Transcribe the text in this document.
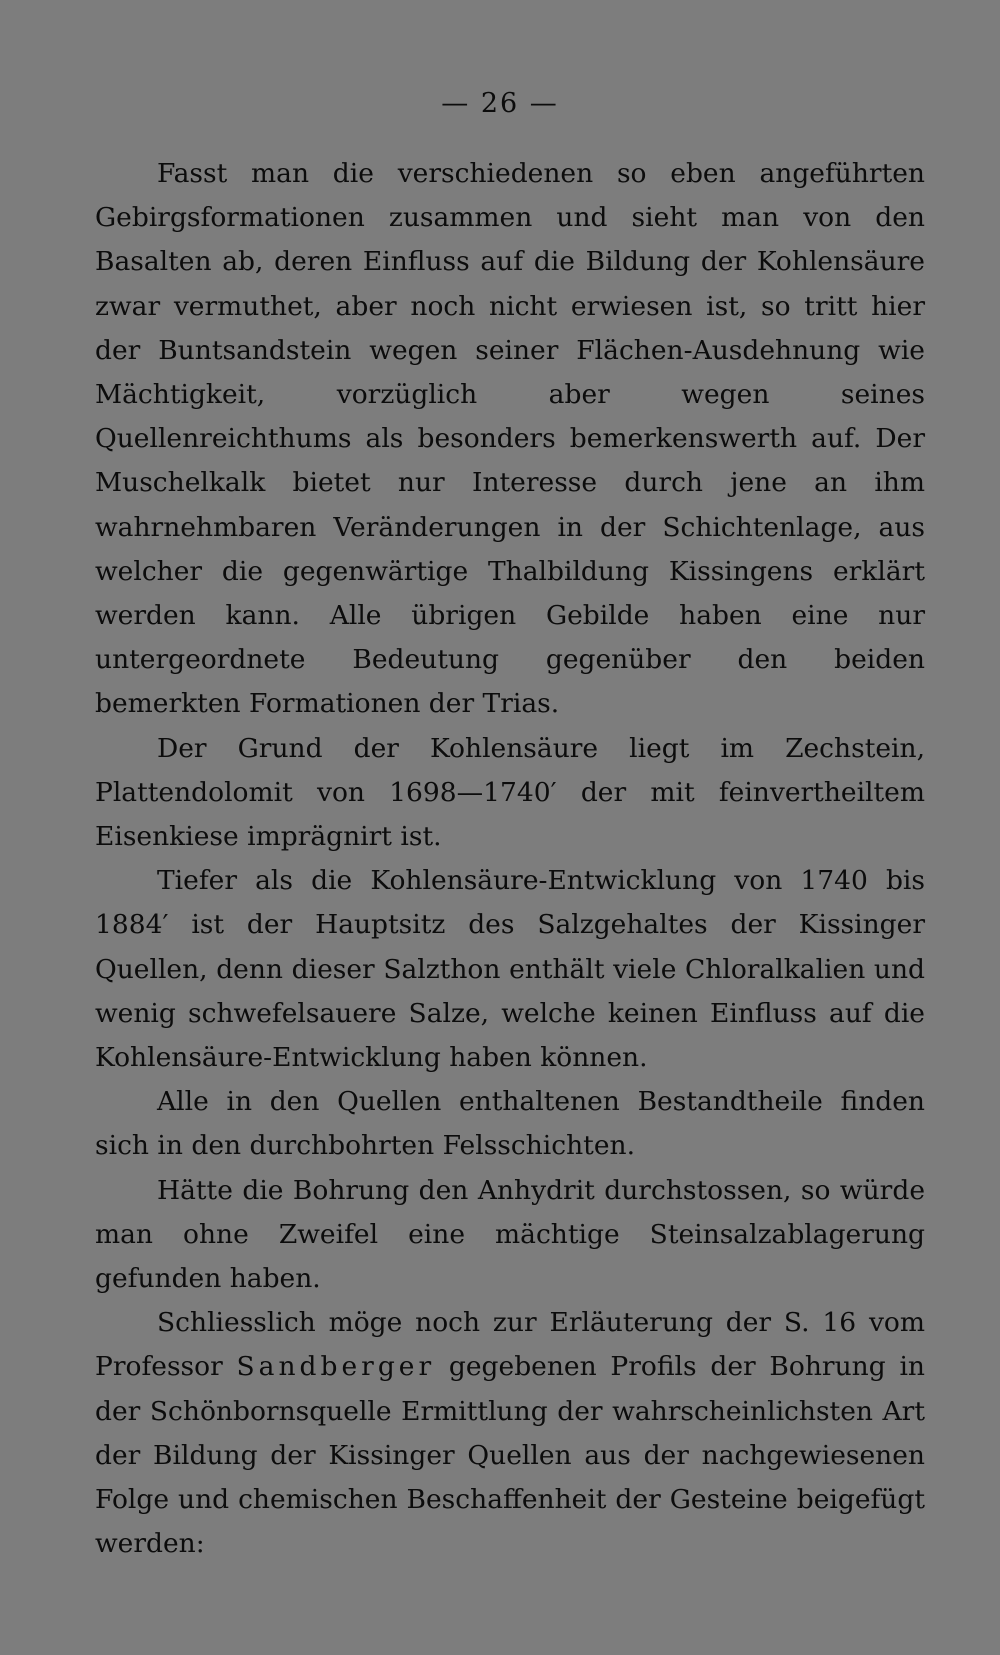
— 26 —

Fasst man die verschiedenen so eben angeführten Gebirgsformationen zusammen und sieht man von den Basalten ab, deren Einfluss auf die Bildung der Kohlensäure zwar vermuthet, aber noch nicht erwiesen ist, so tritt hier der Buntsandstein wegen seiner Flächen-Ausdehnung wie Mächtigkeit, vorzüglich aber wegen seines Quellenreichthums als besonders bemerkenswerth auf. Der Muschelkalk bietet nur Interesse durch jene an ihm wahrnehmbaren Veränderungen in der Schichtenlage, aus welcher die gegenwärtige Thalbildung Kissingens erklärt werden kann. Alle übrigen Gebilde haben eine nur untergeordnete Bedeutung gegenüber den beiden bemerkten Formationen der Trias.

Der Grund der Kohlensäure liegt im Zechstein, Plattendolomit von 1698—1740′ der mit feinvertheiltem Eisenkiese imprägnirt ist.

Tiefer als die Kohlensäure-Entwicklung von 1740 bis 1884′ ist der Hauptsitz des Salzgehaltes der Kissinger Quellen, denn dieser Salzthon enthält viele Chloralkalien und wenig schwefelsauere Salze, welche keinen Einfluss auf die Kohlensäure-Entwicklung haben können.

Alle in den Quellen enthaltenen Bestandtheile finden sich in den durchbohrten Felsschichten.

Hätte die Bohrung den Anhydrit durchstossen, so würde man ohne Zweifel eine mächtige Steinsalzablagerung gefunden haben.

Schliesslich möge noch zur Erläuterung der S. 16 vom Professor Sandberger gegebenen Profils der Bohrung in der Schönbornsquelle Ermittlung der wahrscheinlichsten Art der Bildung der Kissinger Quellen aus der nachgewiesenen Folge und chemischen Beschaffenheit der Gesteine beigefügt werden:
